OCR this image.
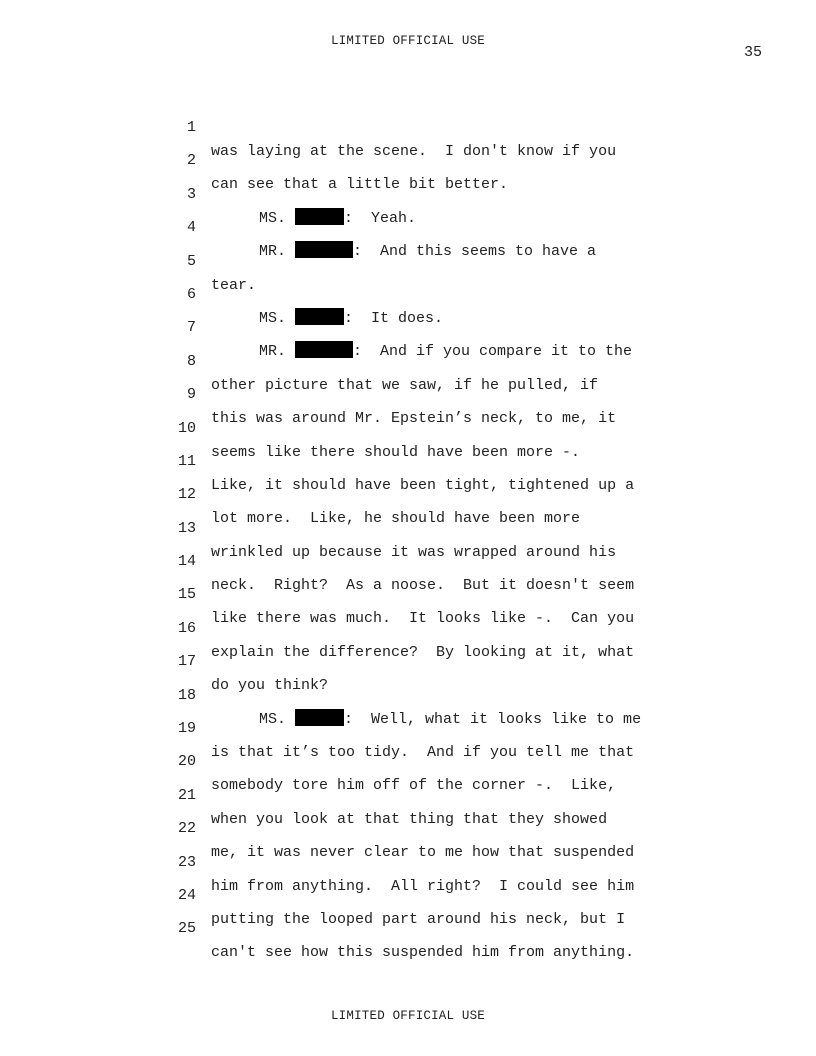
LIMITED OFFICIAL USE
35

1

was laying at the scene.  I don't know if you

2

can see that a little bit better.

3

MS.	:  Yeah.

4

MR.	:  And this seems to have a

5

tear.

6

MS.	:  It does.

7

MR.	:  And if you compare it to the

8

other picture that we saw, if he pulled, if

9

this was around Mr. Epstein’s neck, to me, it

10

seems like there should have been more -.

11

Like, it should have been tight, tightened up a

12

lot more.  Like, he should have been more

13

wrinkled up because it was wrapped around his

14

neck.  Right?  As a noose.  But it doesn't seem

15

like there was much.  It looks like -.  Can you

16

explain the difference?  By looking at it, what

17

do you think?

18

MS.	:  Well, what it looks like to me

19

is that it’s too tidy.  And if you tell me that

20

somebody tore him off of the corner -.  Like,

21

when you look at that thing that they showed

22

me, it was never clear to me how that suspended

23

him from anything.  All right?  I could see him

24

putting the looped part around his neck, but I

25

can't see how this suspended him from anything.

LIMITED OFFICIAL USE
